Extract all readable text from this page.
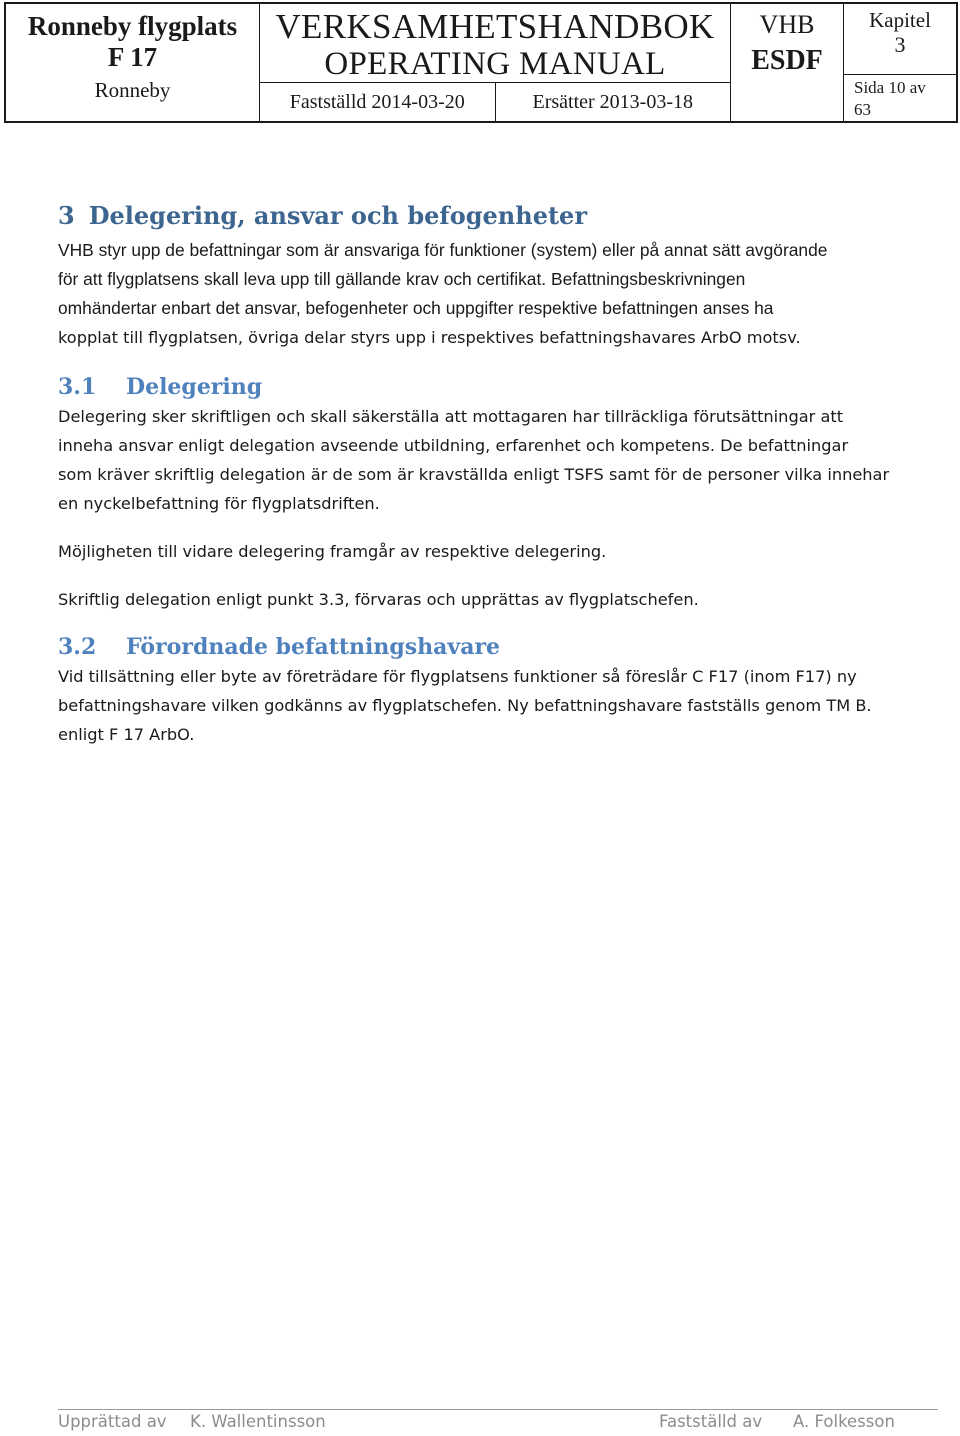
Ronneby flygplats
F 17
Ronneby
VERKSAMHETSHANDBOK
OPERATING MANUAL
Fastställd 2014-03-20	Ersätter 2013-03-18
VHB
ESDF
Kapitel
3
Sida 10 av
63
3 Delegering, ansvar och befogenheter
VHB styr upp de befattningar som är ansvariga för funktioner (system) eller på annat sätt avgörande
för att flygplatsens skall leva upp till gällande krav och certifikat. Befattningsbeskrivningen
omhändertar enbart det ansvar, befogenheter och uppgifter respektive befattningen anses ha
kopplat till flygplatsen, övriga delar styrs upp i respektives befattningshavares ArbO motsv.
3.1 Delegering
Delegering sker skriftligen och skall säkerställa att mottagaren har tillräckliga förutsättningar att
inneha ansvar enligt delegation avseende utbildning, erfarenhet och kompetens. De befattningar
som kräver skriftlig delegation är de som är kravställda enligt TSFS samt för de personer vilka innehar
en nyckelbefattning för flygplatsdriften.
Möjligheten till vidare delegering framgår av respektive delegering.
Skriftlig delegation enligt punkt 3.3, förvaras och upprättas av flygplatschefen.
3.2 Förordnade befattningshavare
Vid tillsättning eller byte av företrädare för flygplatsens funktioner så föreslår C F17 (inom F17) ny
befattningshavare vilken godkänns av flygplatschefen. Ny befattningshavare fastställs genom TM B.
enligt F 17 ArbO.
Upprättad av K. Wallentinsson	Fastställd av A. Folkesson
